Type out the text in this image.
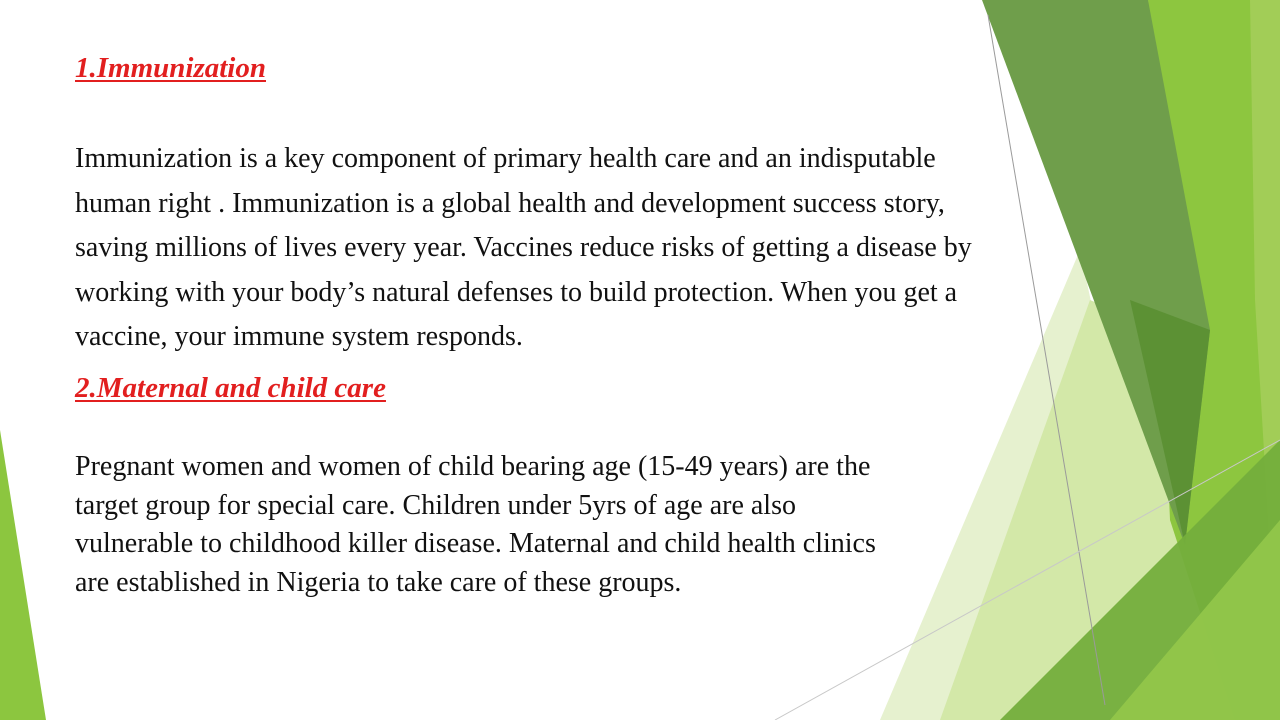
1.Immunization
Immunization is a key component of primary health care and an indisputable
human right . Immunization is a global health and development success story,
saving millions of lives every year. Vaccines reduce risks of getting a disease by
working with your body’s natural defenses to build protection. When you get a
vaccine, your immune system responds.
2.Maternal and child care
Pregnant women and women of child bearing age (15-49 years) are the
target group for special care. Children under 5yrs of age are also
vulnerable to childhood killer disease. Maternal and child health clinics
are established in Nigeria to take care of these groups.
